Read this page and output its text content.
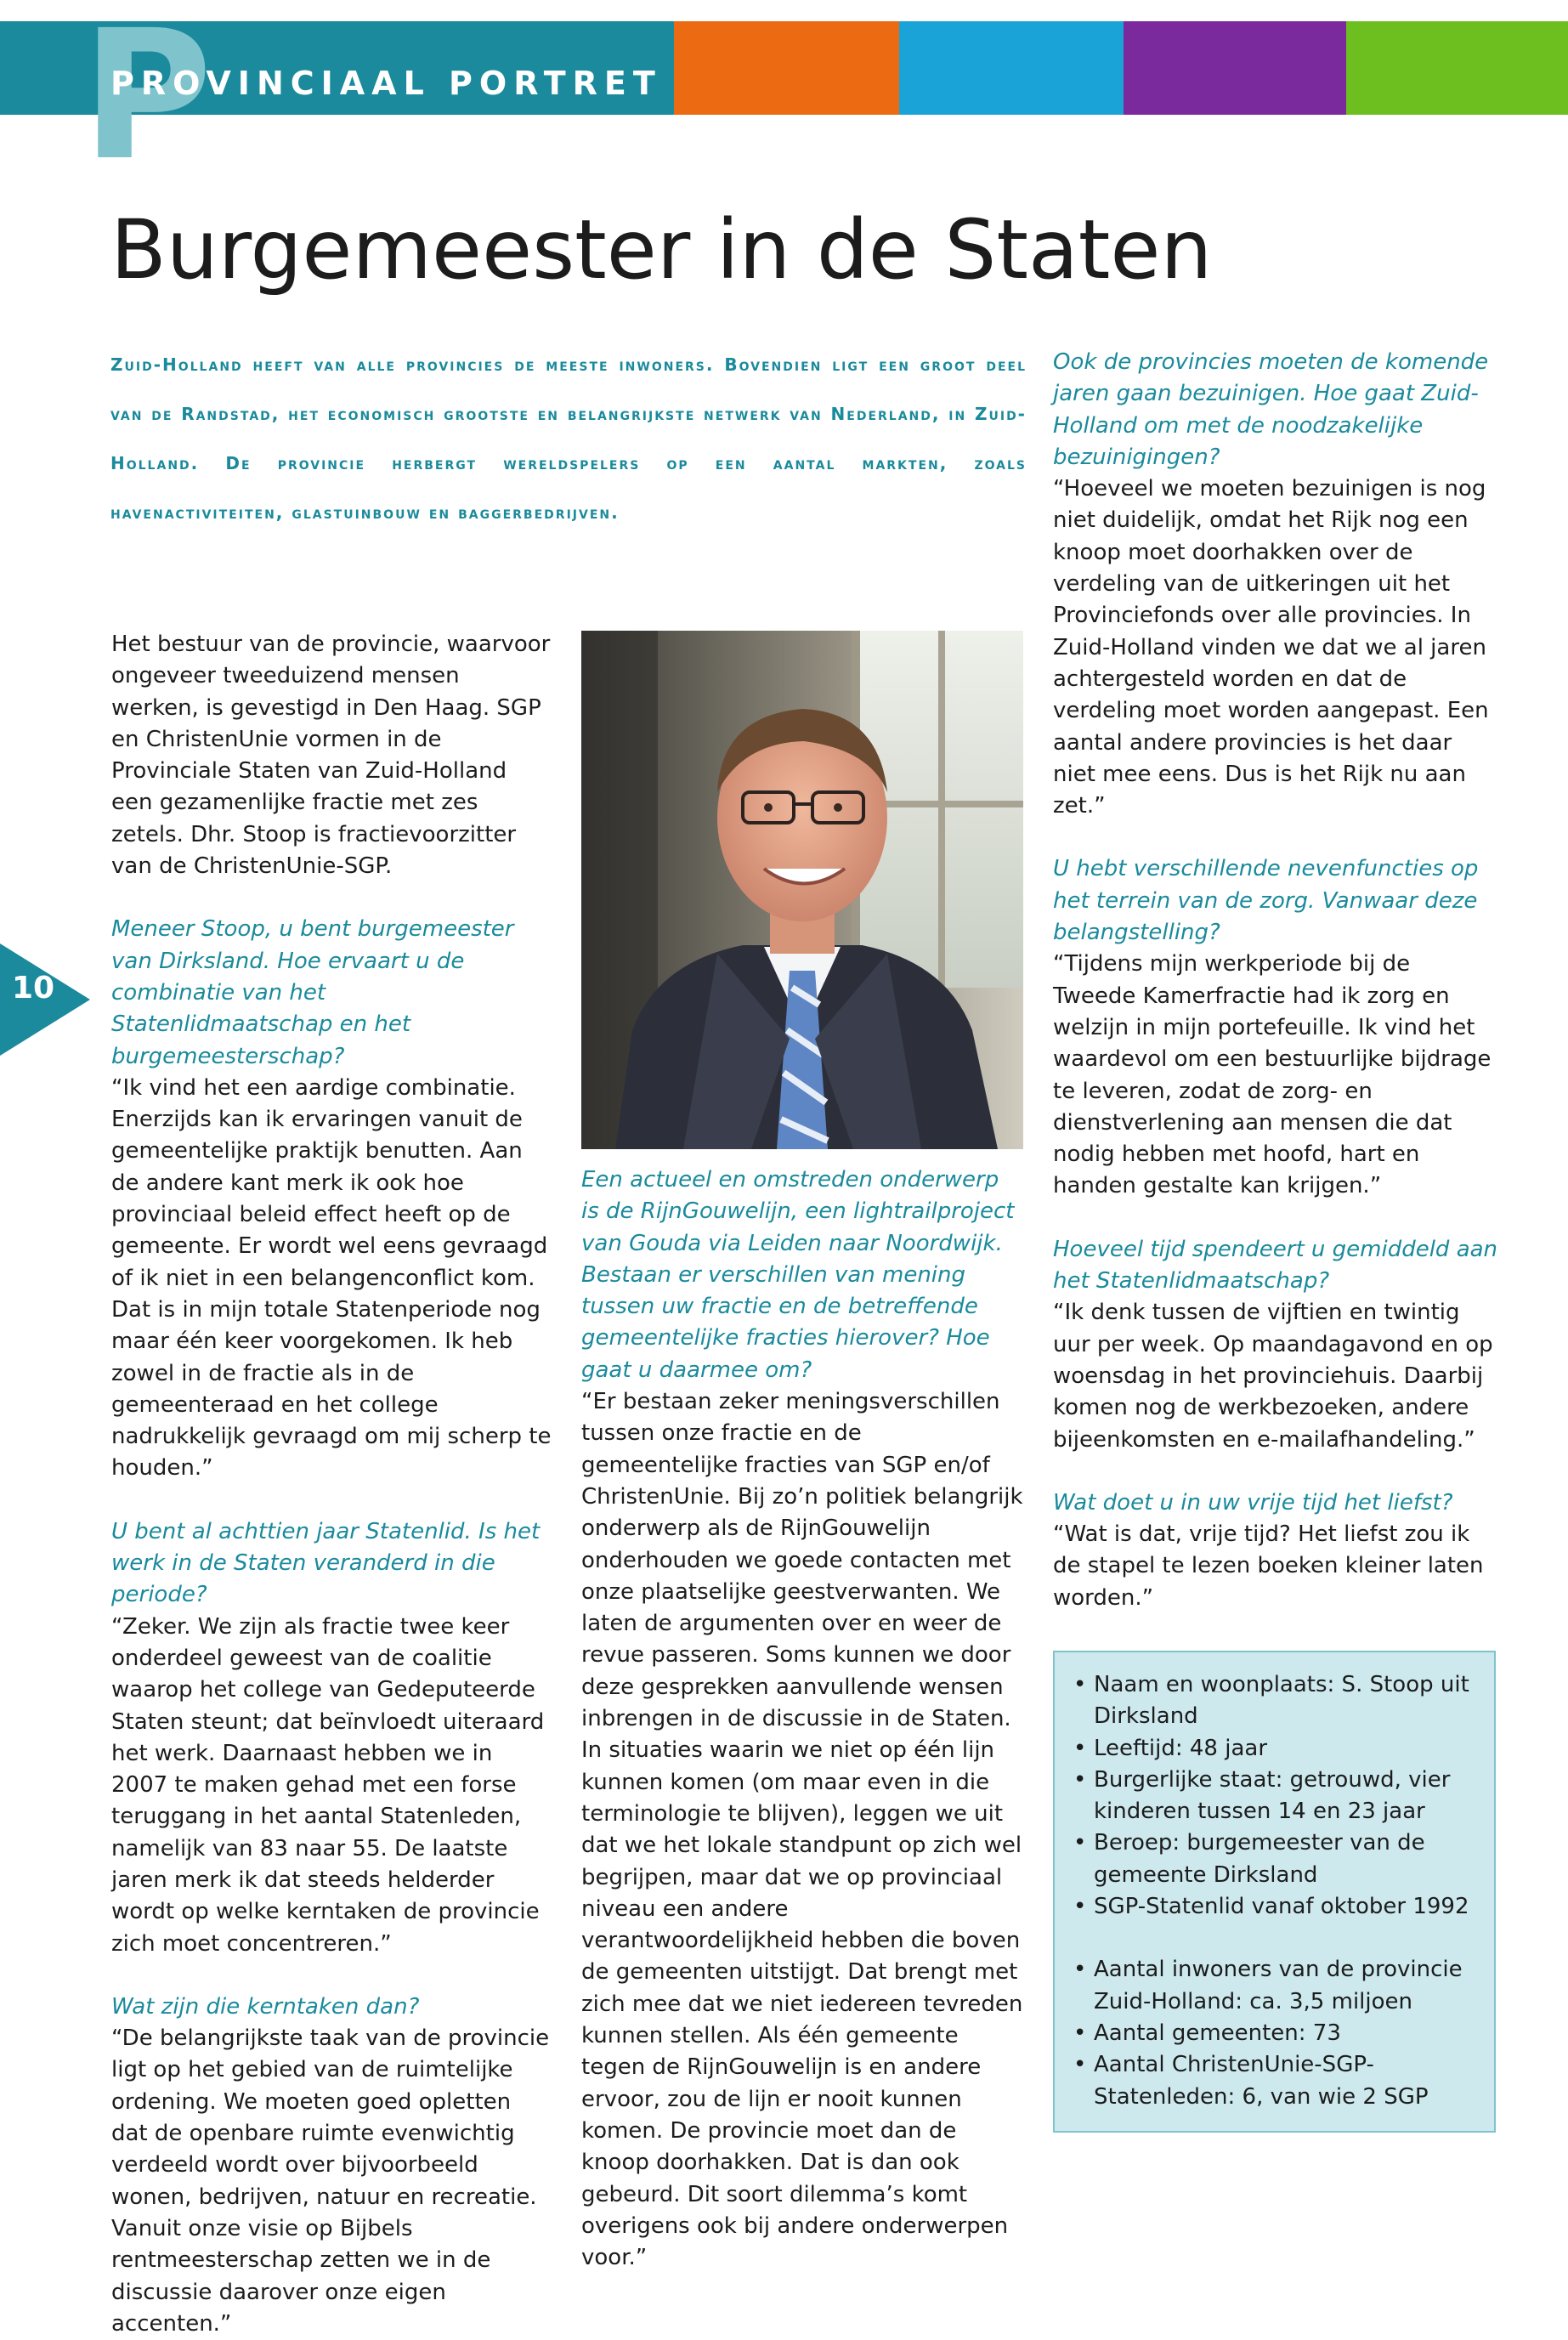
P
PROVINCIAAL PORTRET
Burgemeester in de Staten

Zuid-Holland heeft van alle provincies de meeste inwoners. Bovendien ligt een groot deel van de Randstad, het economisch grootste en belangrijkste netwerk van Nederland, in Zuid-Holland. De provincie herbergt wereldspelers op een aantal markten, zoals havenactiviteiten, glastuinbouw en baggerbedrijven.

10

Het bestuur van de provincie, waarvoor ongeveer tweeduizend mensen werken, is gevestigd in Den Haag. SGP en ChristenUnie vormen in de Provinciale Staten van Zuid-Holland een gezamenlijke fractie met zes zetels. Dhr. Stoop is fractievoorzitter van de ChristenUnie-SGP.

Meneer Stoop, u bent burgemeester van Dirksland. Hoe ervaart u de combinatie van het Statenlidmaatschap en het burgemeesterschap?
“Ik vind het een aardige combinatie. Enerzijds kan ik ervaringen vanuit de gemeentelijke praktijk benutten. Aan de andere kant merk ik ook hoe provinciaal beleid effect heeft op de gemeente. Er wordt wel eens gevraagd of ik niet in een belangenconflict kom. Dat is in mijn totale Statenperiode nog maar één keer voorgekomen. Ik heb zowel in de fractie als in de gemeenteraad en het college nadrukkelijk gevraagd om mij scherp te houden.”

U bent al achttien jaar Statenlid. Is het werk in de Staten veranderd in die periode?
“Zeker. We zijn als fractie twee keer onderdeel geweest van de coalitie waarop het college van Gedeputeerde Staten steunt; dat beïnvloedt uiteraard het werk. Daarnaast hebben we in 2007 te maken gehad met een forse teruggang in het aantal Statenleden, namelijk van 83 naar 55. De laatste jaren merk ik dat steeds helderder wordt op welke kerntaken de provincie zich moet concentreren.”

Wat zijn die kerntaken dan?
“De belangrijkste taak van de provincie ligt op het gebied van de ruimtelijke ordening. We moeten goed opletten dat de openbare ruimte evenwichtig verdeeld wordt over bijvoorbeeld wonen, bedrijven, natuur en recreatie. Vanuit onze visie op Bijbels rentmeesterschap zetten we in de discussie daarover onze eigen accenten.”

Een actueel en omstreden onderwerp is de RijnGouwelijn, een lightrailproject van Gouda via Leiden naar Noordwijk. Bestaan er verschillen van mening tussen uw fractie en de betreffende gemeentelijke fracties hierover? Hoe gaat u daarmee om?
“Er bestaan zeker meningsverschillen tussen onze fractie en de gemeentelijke fracties van SGP en/of ChristenUnie. Bij zo’n politiek belangrijk onderwerp als de RijnGouwelijn onderhouden we goede contacten met onze plaatselijke geestverwanten. We laten de argumenten over en weer de revue passeren. Soms kunnen we door deze gesprekken aanvullende wensen inbrengen in de discussie in de Staten. In situaties waarin we niet op één lijn kunnen komen (om maar even in die terminologie te blijven), leggen we uit dat we het lokale standpunt op zich wel begrijpen, maar dat we op provinciaal niveau een andere verantwoordelijkheid hebben die boven de gemeenten uitstijgt. Dat brengt met zich mee dat we niet iedereen tevreden kunnen stellen. Als één gemeente tegen de RijnGouwelijn is en andere ervoor, zou de lijn er nooit kunnen komen. De provincie moet dan de knoop doorhakken. Dat is dan ook gebeurd. Dit soort dilemma’s komt overigens ook bij andere onderwerpen voor.”

Ook de provincies moeten de komende jaren gaan bezuinigen. Hoe gaat Zuid-Holland om met de noodzakelijke bezuinigingen?
“Hoeveel we moeten bezuinigen is nog niet duidelijk, omdat het Rijk nog een knoop moet doorhakken over de verdeling van de uitkeringen uit het Provinciefonds over alle provincies. In Zuid-Holland vinden we dat we al jaren achtergesteld worden en dat de verdeling moet worden aangepast. Een aantal andere provincies is het daar niet mee eens. Dus is het Rijk nu aan zet.”

U hebt verschillende nevenfuncties op het terrein van de zorg. Vanwaar deze belangstelling?
“Tijdens mijn werkperiode bij de Tweede Kamerfractie had ik zorg en welzijn in mijn portefeuille. Ik vind het waardevol om een bestuurlijke bijdrage te leveren, zodat de zorg- en dienstverlening aan mensen die dat nodig hebben met hoofd, hart en handen gestalte kan krijgen.”

Hoeveel tijd spendeert u gemiddeld aan het Statenlidmaatschap?
“Ik denk tussen de vijftien en twintig uur per week. Op maandagavond en op woensdag in het provinciehuis. Daarbij komen nog de werkbezoeken, andere bijeenkomsten en e-mailafhandeling.”

Wat doet u in uw vrije tijd het liefst?
“Wat is dat, vrije tijd? Het liefst zou ik de stapel te lezen boeken kleiner laten worden.”

• Naam en woonplaats: S. Stoop uit Dirksland
• Leeftijd: 48 jaar
• Burgerlijke staat: getrouwd, vier kinderen tussen 14 en 23 jaar
• Beroep: burgemeester van de gemeente Dirksland
• SGP-Statenlid vanaf oktober 1992
• Aantal inwoners van de provincie Zuid-Holland: ca. 3,5 miljoen
• Aantal gemeenten: 73
• Aantal ChristenUnie-SGP-Statenleden: 6, van wie 2 SGP
